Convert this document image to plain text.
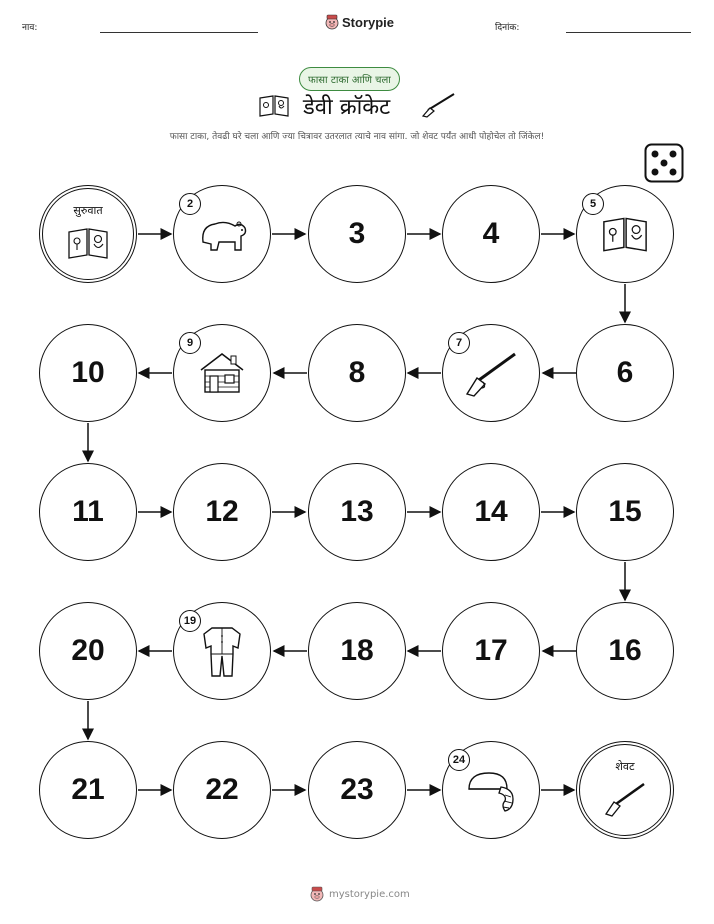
नाव:	Storypie	दिनांक:
फासा टाका आणि चला
डेवी क्रॉकेट
फासा टाका, तेवढी घरे चला आणि ज्या चित्रावर उतरलात त्याचे नाव सांगा. जो शेवट पर्यंत आधी पोहोचेल तो जिंकेल!
सुरुवात	2
3	4
5
10
9
8
7
6
11	12	13	14	15
20
19
18	17	16
21	22	23
24	शेवट
mystorypie.com
